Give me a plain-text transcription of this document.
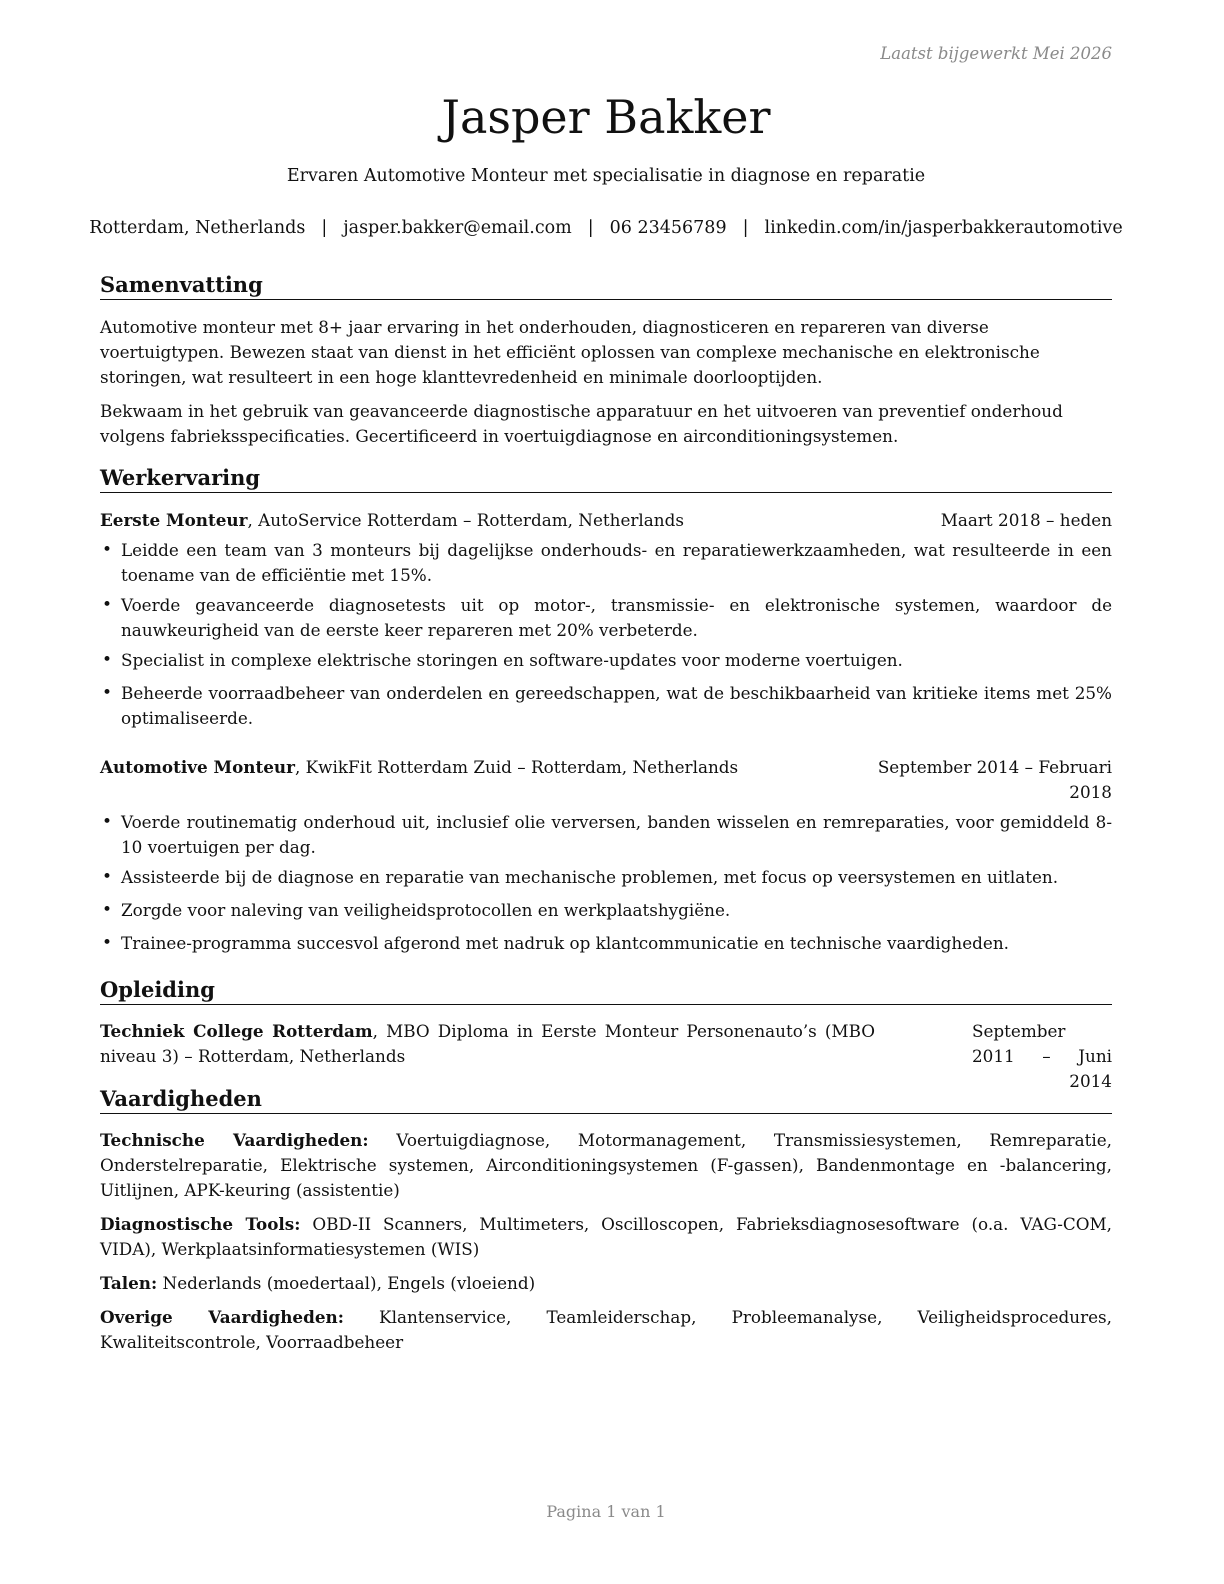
Laatst bijgewerkt Mei 2026
Jasper Bakker
Ervaren Automotive Monteur met specialisatie in diagnose en reparatie
Rotterdam, Netherlands | jasper.bakker@email.com | 06 23456789 | linkedin.com/in/jasperbakkerautomotive
Samenvatting

Automotive monteur met 8+ jaar ervaring in het onderhouden, diagnosticeren en repareren van diverse voertuigtypen. Bewezen staat van dienst in het efficiënt oplossen van complexe mechanische en elektronische storingen, wat resulteert in een hoge klanttevredenheid en minimale doorlooptijden.

Bekwaam in het gebruik van geavanceerde diagnostische apparatuur en het uitvoeren van preventief onderhoud volgens fabrieksspecificaties. Gecertificeerd in voertuigdiagnose en airconditioningsystemen.

Werkervaring
Eerste Monteur, AutoService Rotterdam – Rotterdam, Netherlands	Maart 2018 – heden
• Leidde een team van 3 monteurs bij dagelijkse onderhouds- en reparatiewerkzaamheden, wat resulteerde in een toename van de efficiëntie met 15%.
• Voerde geavanceerde diagnosetests uit op motor-, transmissie- en elektronische systemen, waardoor de nauwkeurigheid van de eerste keer repareren met 20% verbeterde.
• Specialist in complexe elektrische storingen en software-updates voor moderne voertuigen.
• Beheerde voorraadbeheer van onderdelen en gereedschappen, wat de beschikbaarheid van kritieke items met 25% optimaliseerde.
Automotive Monteur, KwikFit Rotterdam Zuid – Rotterdam, Netherlands	September 2014 – Februari 2018
• Voerde routinematig onderhoud uit, inclusief olie verversen, banden wisselen en remreparaties, voor gemiddeld 8-10 voertuigen per dag.
• Assisteerde bij de diagnose en reparatie van mechanische problemen, met focus op veersystemen en uitlaten.
• Zorgde voor naleving van veiligheidsprotocollen en werkplaatshygiëne.
• Trainee-programma succesvol afgerond met nadruk op klantcommunicatie en technische vaardigheden.
Opleiding
Techniek College Rotterdam, MBO Diploma in Eerste Monteur Personenauto’s (MBO niveau 3) – Rotterdam, Netherlands
September 2011 – Juni 2014
Vaardigheden

Technische Vaardigheden: Voertuigdiagnose, Motormanagement, Transmissiesystemen, Remreparatie, Onderstelreparatie, Elektrische systemen, Airconditioningsystemen (F-gassen), Bandenmontage en -balancering, Uitlijnen, APK-keuring (assistentie)

Diagnostische Tools: OBD-II Scanners, Multimeters, Oscilloscopen, Fabrieksdiagnosesoftware (o.a. VAG-COM, VIDA), Werkplaatsinformatiesystemen (WIS)

Talen: Nederlands (moedertaal), Engels (vloeiend)

Overige Vaardigheden: Klantenservice, Teamleiderschap, Probleemanalyse, Veiligheidsprocedures, Kwaliteitscontrole, Voorraadbeheer

Pagina 1 van 1
